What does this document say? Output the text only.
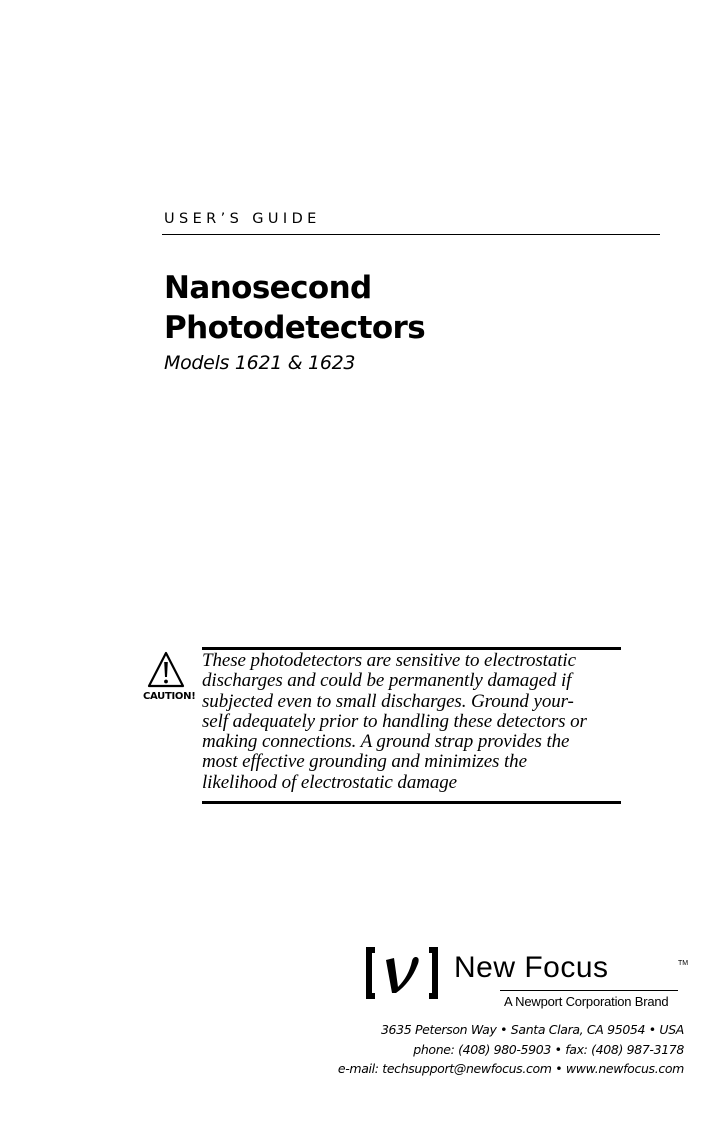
USER’S GUIDE
Nanosecond
Photodetectors
Models 1621 & 1623
CAUTION!
These photodetectors are sensitive to electrostatic
discharges and could be permanently damaged if
subjected even to small discharges. Ground your-
self adequately prior to handling these detectors or
making connections. A ground strap provides the
most effective grounding and minimizes the
likelihood of electrostatic damage
New Focus	TM
A Newport Corporation Brand
3635 Peterson Way • Santa Clara, CA 95054 • USA
phone: (408) 980-5903 • fax: (408) 987-3178
e-mail: techsupport@newfocus.com • www.newfocus.com
